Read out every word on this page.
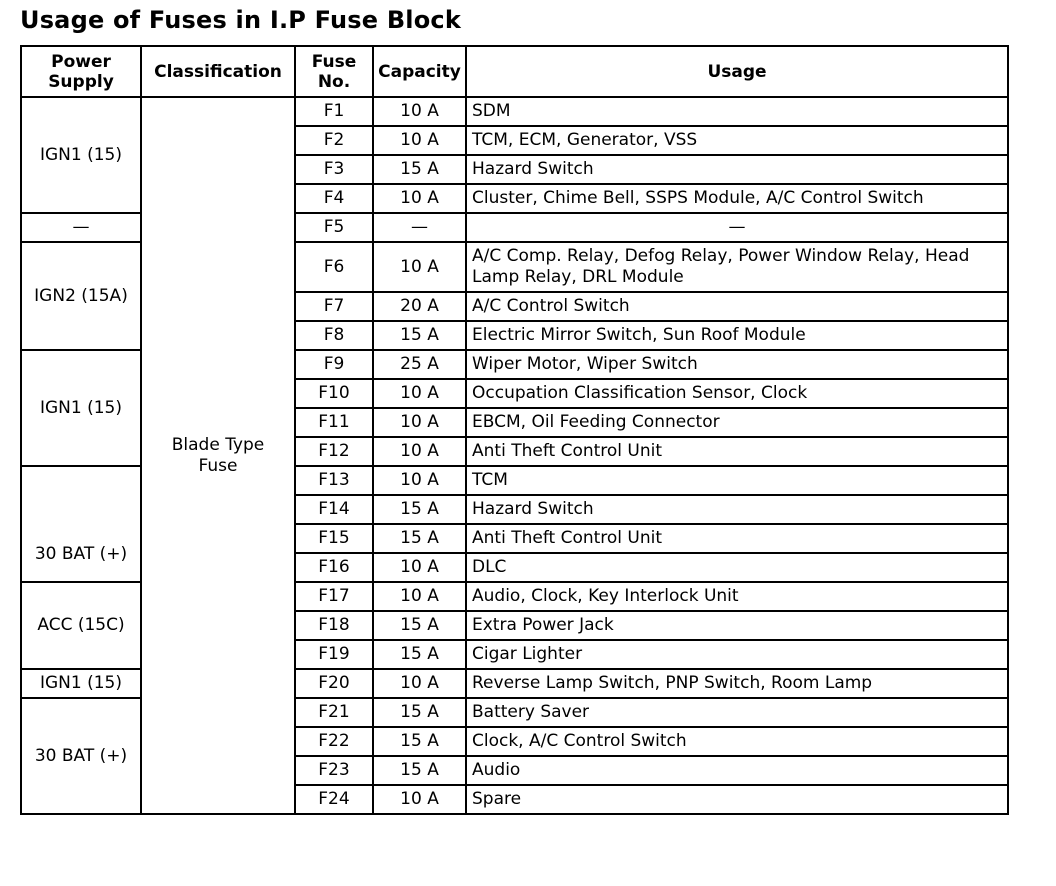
Usage of Fuses in I.P Fuse Block
Power Supply	Classification	Fuse No.	Capacity	Usage
IGN1 (15)	Blade Type Fuse	F1	10 A	SDM
		F2	10 A	TCM, ECM, Generator, VSS
		F3	15 A	Hazard Switch
		F4	10 A	Cluster, Chime Bell, SSPS Module, A/C Control Switch
—		F5	—	—
IGN2 (15A)		F6	10 A	A/C Comp. Relay, Defog Relay, Power Window Relay, Head Lamp Relay, DRL Module
		F7	20 A	A/C Control Switch
		F8	15 A	Electric Mirror Switch, Sun Roof Module
IGN1 (15)		F9	25 A	Wiper Motor, Wiper Switch
		F10	10 A	Occupation Classification Sensor, Clock
		F11	10 A	EBCM, Oil Feeding Connector
		F12	10 A	Anti Theft Control Unit
30 BAT (+)		F13	10 A	TCM
		F14	15 A	Hazard Switch
		F15	15 A	Anti Theft Control Unit
		F16	10 A	DLC
ACC (15C)		F17	10 A	Audio, Clock, Key Interlock Unit
		F18	15 A	Extra Power Jack
		F19	15 A	Cigar Lighter
IGN1 (15)		F20	10 A	Reverse Lamp Switch, PNP Switch, Room Lamp
30 BAT (+)		F21	15 A	Battery Saver
		F22	15 A	Clock, A/C Control Switch
		F23	15 A	Audio
		F24	10 A	Spare
